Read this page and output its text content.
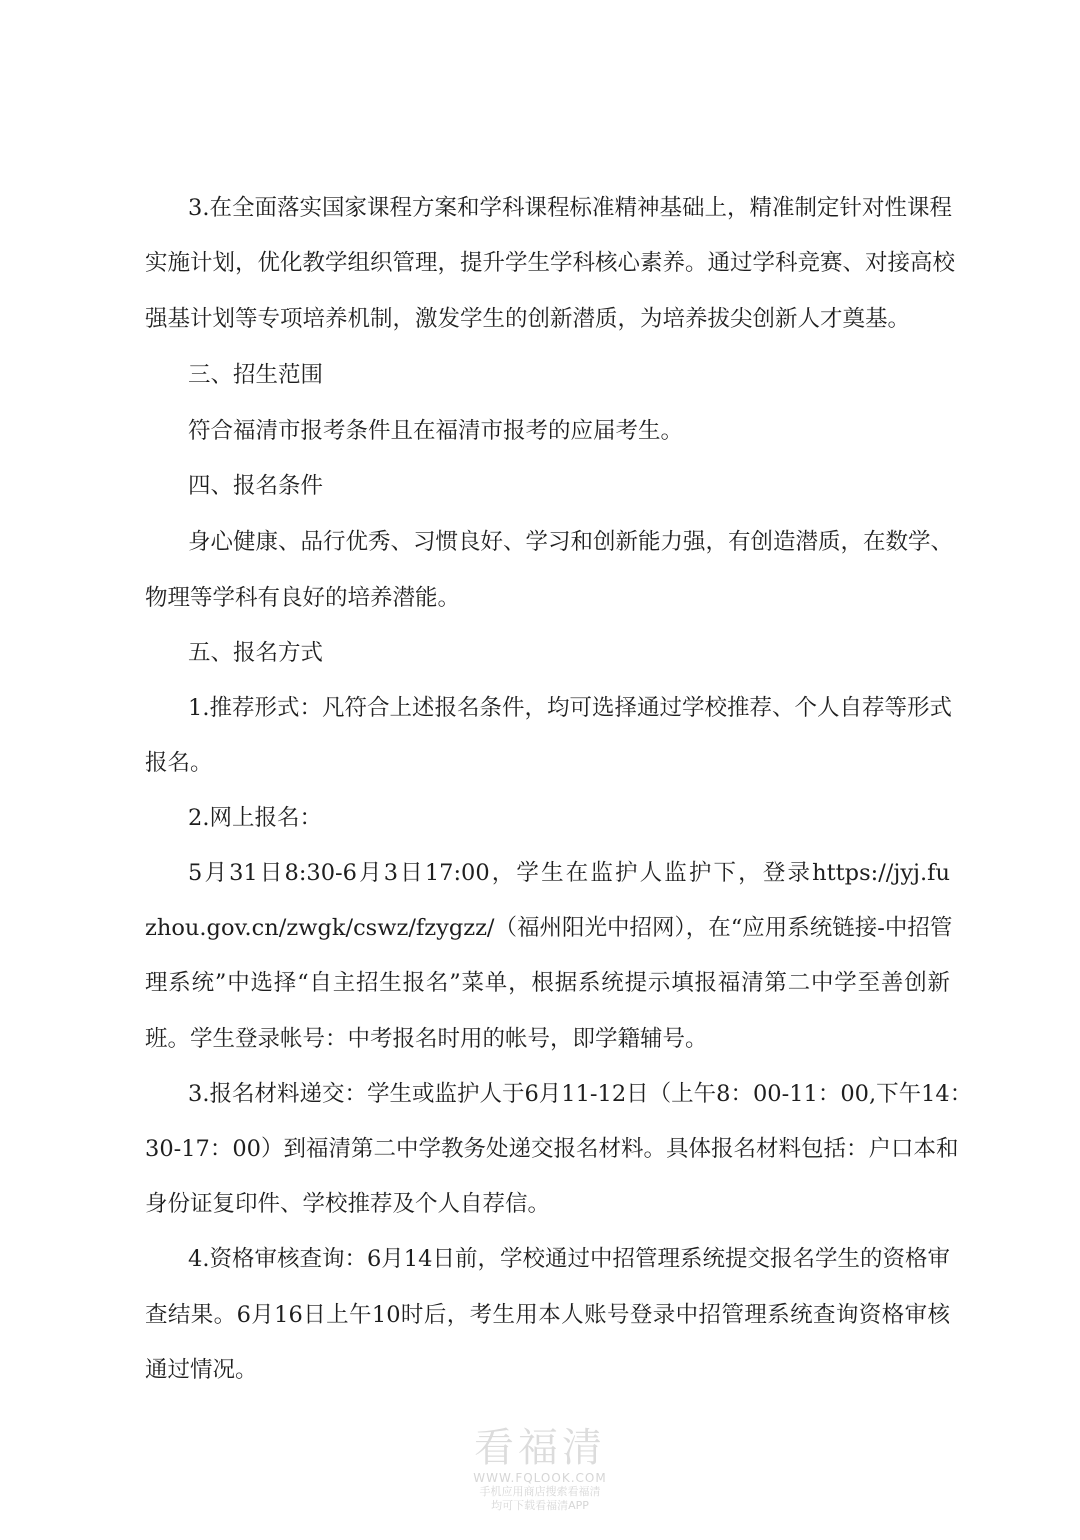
3.在全面落实国家课程方案和学科课程标准精神基础上，精准制定针对性课程
实施计划，优化教学组织管理，提升学生学科核心素养。通过学科竞赛、对接高校
强基计划等专项培养机制，激发学生的创新潜质，为培养拔尖创新人才奠基。
三、招生范围
符合福清市报考条件且在福清市报考的应届考生。
四、报名条件
身心健康、品行优秀、习惯良好、学习和创新能力强，有创造潜质，在数学、
物理等学科有良好的培养潜能。
五、报名方式
1.推荐形式：凡符合上述报名条件，均可选择通过学校推荐、个人自荐等形式
报名。
2.网上报名：
5月31日8:30-6月3日17:00，学生在监护人监护下，登录https://jyj.fu
zhou.gov.cn/zwgk/cswz/fzygzz/（福州阳光中招网），在“应用系统链接-中招管
理系统”中选择“自主招生报名”菜单，根据系统提示填报福清第二中学至善创新
班。学生登录帐号：中考报名时用的帐号，即学籍辅号。
3.报名材料递交：学生或监护人于6月11-12日（上午8：00-11：00,下午14：
30-17：00）到福清第二中学教务处递交报名材料。具体报名材料包括：户口本和
身份证复印件、学校推荐及个人自荐信。
4.资格审核查询：6月14日前，学校通过中招管理系统提交报名学生的资格审
查结果。6月16日上午10时后，考生用本人账号登录中招管理系统查询资格审核
通过情况。
看福清
WWW.FQLOOK.COM
手机应用商店搜索看福清
均可下载看福清APP
